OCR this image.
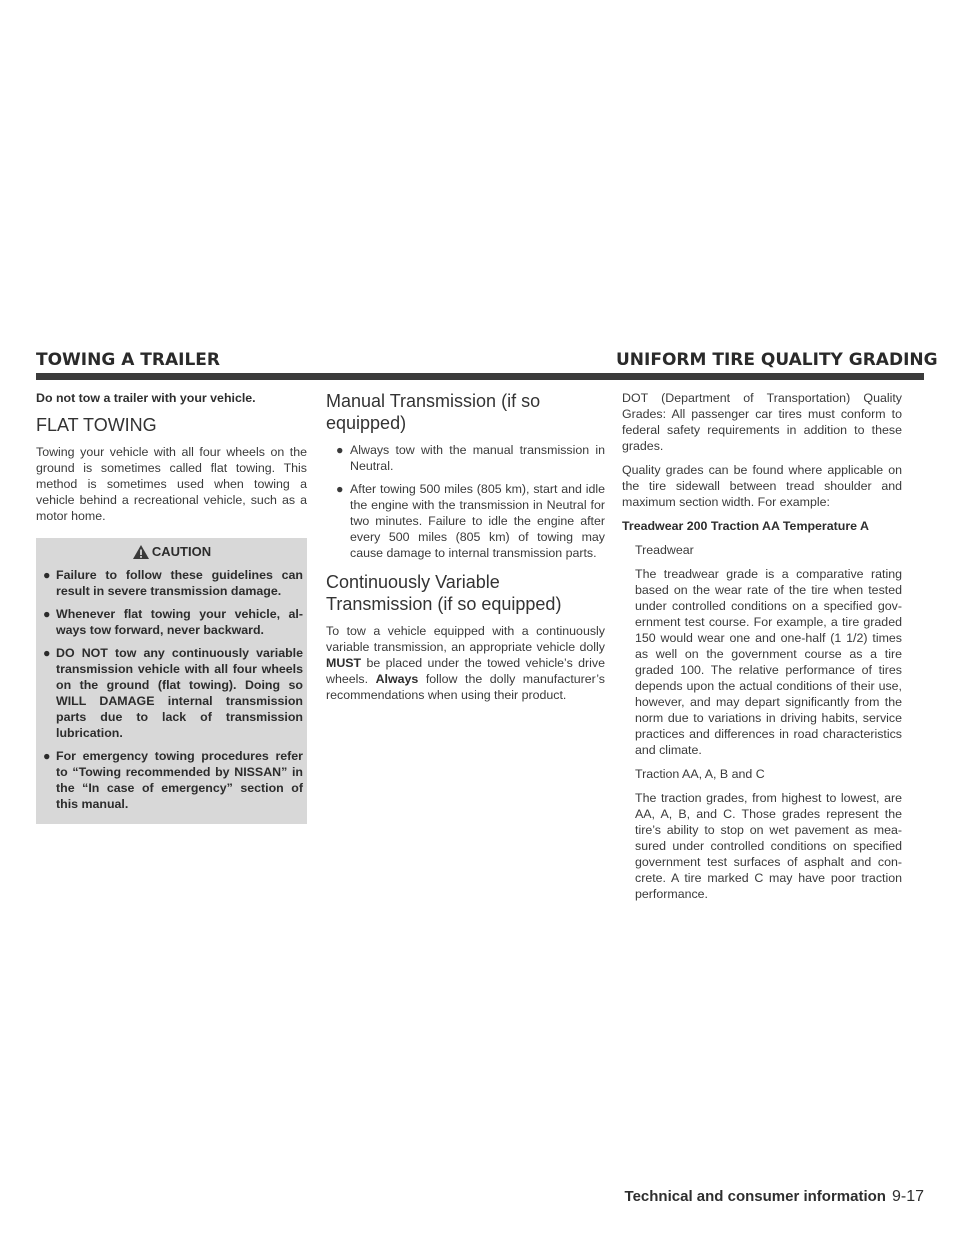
TOWING A TRAILER	UNIFORM TIRE QUALITY GRADING

Do not tow a trailer with your vehicle.

FLAT TOWING

Towing your vehicle with all four wheels on the ground is sometimes called flat towing. This method is sometimes used when towing a vehicle behind a recreational vehicle, such as a motor home.

CAUTION
● Failure to follow these guidelines can result in severe transmission damage.
● Whenever flat towing your vehicle, always tow forward, never backward.
● DO NOT tow any continuously variable transmission vehicle with all four wheels on the ground (flat towing). Doing so WILL DAMAGE internal transmission parts due to lack of transmission lubrication.
● For emergency towing procedures refer to “Towing recommended by NISSAN” in the “In case of emergency” section of this manual.
Manual Transmission (if so equipped)
● Always tow with the manual transmission in Neutral.
● After towing 500 miles (805 km), start and idle the engine with the transmission in Neutral for two minutes. Failure to idle the engine after every 500 miles (805 km) of towing may cause damage to internal transmission parts.
Continuously Variable Transmission (if so equipped)

To tow a vehicle equipped with a continuously variable transmission, an appropriate vehicle dolly MUST be placed under the towed vehicle’s drive wheels. Always follow the dolly manufacturer’s recommendations when using their product.

DOT (Department of Transportation) Quality Grades: All passenger car tires must conform to federal safety requirements in addition to these grades.

Quality grades can be found where applicable on the tire sidewall between tread shoulder and maximum section width. For example:

Treadwear 200 Traction AA Temperature A

Treadwear

The treadwear grade is a comparative rating based on the wear rate of the tire when tested under controlled conditions on a specified government test course. For example, a tire graded 150 would wear one and one-half (1 1/2) times as well on the government course as a tire graded 100. The relative performance of tires depends upon the actual conditions of their use, however, and may depart significantly from the norm due to variations in driving habits, service practices and differences in road characteristics and climate.

Traction AA, A, B and C

The traction grades, from highest to lowest, are AA, A, B, and C. Those grades represent the tire’s ability to stop on wet pavement as measured under controlled conditions on specified government test surfaces of asphalt and concrete. A tire marked C may have poor traction performance.

Technical and consumer information 9-17
